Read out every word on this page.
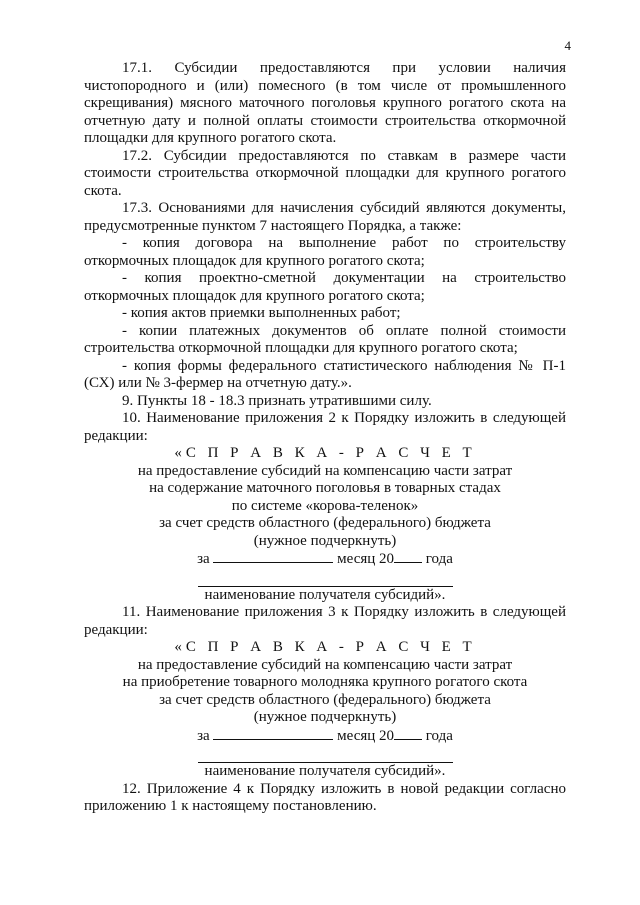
4

17.1. Субсидии предоставляются при условии наличия чистопородного и (или) помесного (в том числе от промышленного скрещивания) мясного маточного поголовья крупного рогатого скота на отчетную дату и полной оплаты стоимости строительства откормочной площадки для крупного рогатого скота.

17.2. Субсидии предоставляются по ставкам в размере части стоимости строительства откормочной площадки для крупного рогатого скота.

17.3. Основаниями для начисления субсидий являются документы, предусмотренные пунктом 7 настоящего Порядка, а также:

- копия договора на выполнение работ по строительству откормочных площадок для крупного рогатого скота;

- копия проектно-сметной документации на строительство откормочных площадок для крупного рогатого скота;

- копия актов приемки выполненных работ;

- копии платежных документов об оплате полной стоимости строительства откормочной площадки для крупного рогатого скота;

- копия формы федерального статистического наблюдения № П-1 (СХ) или № 3-фермер на отчетную дату.».

9. Пункты 18 - 18.3 признать утратившими силу.

10. Наименование приложения 2 к Порядку изложить в следующей редакции:

«С П Р А В К А - Р А С Ч Е Т
на предоставление субсидий на компенсацию части затрат
на содержание маточного поголовья в товарных стадах
по системе «корова-теленок»
за счет средств областного (федерального) бюджета
(нужное подчеркнуть)
за	месяц 20 года
наименование получателя субсидий».

11. Наименование приложения 3 к Порядку изложить в следующей редакции:

«С П Р А В К А - Р А С Ч Е Т
на предоставление субсидий на компенсацию части затрат
на приобретение товарного молодняка крупного рогатого скота
за счет средств областного (федерального) бюджета
(нужное подчеркнуть)
за	месяц 20 года
наименование получателя субсидий».

12. Приложение 4 к Порядку изложить в новой редакции согласно приложению 1 к настоящему постановлению.
